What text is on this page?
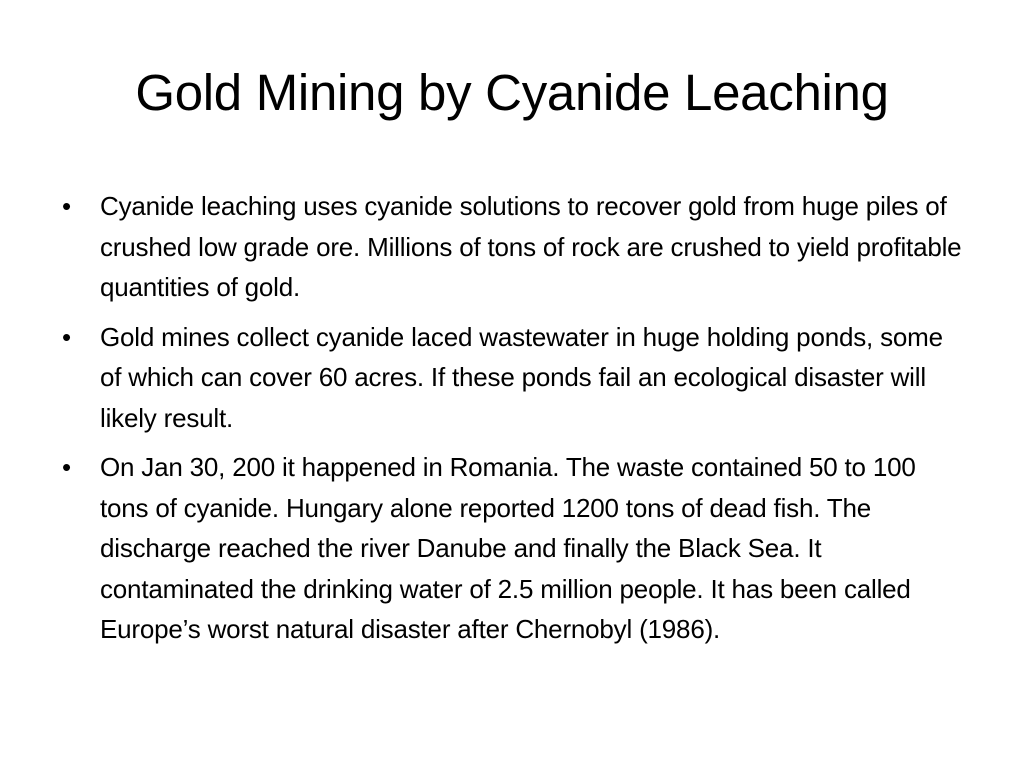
Gold Mining by Cyanide Leaching
• Cyanide leaching uses cyanide solutions to recover gold from huge piles of crushed low grade ore. Millions of tons of rock are crushed to yield profitable quantities of gold.
• Gold mines collect cyanide laced wastewater in huge holding ponds, some of which can cover 60 acres. If these ponds fail an ecological disaster will likely result.
• On Jan 30, 200 it happened in Romania. The waste contained 50 to 100 tons of cyanide. Hungary alone reported 1200 tons of dead fish. The discharge reached the river Danube and finally the Black Sea. It contaminated the drinking water of 2.5 million people. It has been called Europe’s worst natural disaster after Chernobyl (1986).
